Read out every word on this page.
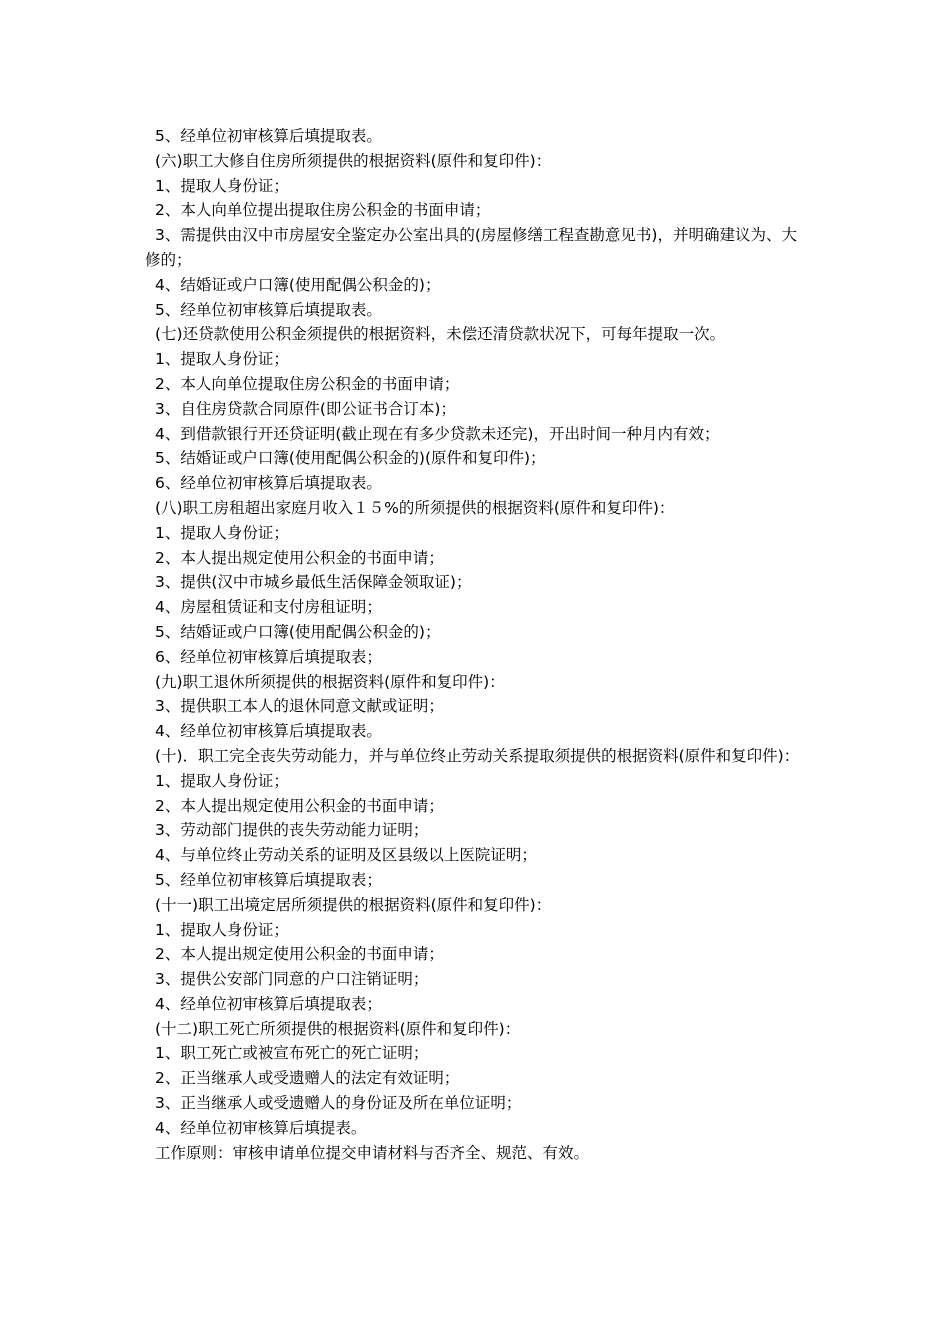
5、经单位初审核算后填提取表。
(六)职工大修自住房所须提供的根据资料(原件和复印件)：
1、提取人身份证；
2、本人向单位提出提取住房公积金的书面申请；
3、需提供由汉中市房屋安全鉴定办公室出具的(房屋修缮工程查勘意见书)，并明确建议为、大修的；
4、结婚证或户口簿(使用配偶公积金的)；
5、经单位初审核算后填提取表。
(七)还贷款使用公积金须提供的根据资料，未偿还清贷款状况下，可每年提取一次。
1、提取人身份证；
2、本人向单位提取住房公积金的书面申请；
3、自住房贷款合同原件(即公证书合订本)；
4、到借款银行开还贷证明(截止现在有多少贷款未还完)，开出时间一种月内有效；
5、结婚证或户口簿(使用配偶公积金的)(原件和复印件)；
6、经单位初审核算后填提取表。
(八)职工房租超出家庭月收入１５%的所须提供的根据资料(原件和复印件)：
1、提取人身份证；
2、本人提出规定使用公积金的书面申请；
3、提供(汉中市城乡最低生活保障金领取证)；
4、房屋租赁证和支付房租证明；
5、结婚证或户口簿(使用配偶公积金的)；
6、经单位初审核算后填提取表；
(九)职工退休所须提供的根据资料(原件和复印件)：
3、提供职工本人的退休同意文献或证明；
4、经单位初审核算后填提取表。
(十)．职工完全丧失劳动能力，并与单位终止劳动关系提取须提供的根据资料(原件和复印件)：
1、提取人身份证；
2、本人提出规定使用公积金的书面申请；
3、劳动部门提供的丧失劳动能力证明；
4、与单位终止劳动关系的证明及区县级以上医院证明；
5、经单位初审核算后填提取表；
(十一)职工出境定居所须提供的根据资料(原件和复印件)：
1、提取人身份证；
2、本人提出规定使用公积金的书面申请；
3、提供公安部门同意的户口注销证明；
4、经单位初审核算后填提取表；
(十二)职工死亡所须提供的根据资料(原件和复印件)：
1、职工死亡或被宣布死亡的死亡证明；
2、正当继承人或受遗赠人的法定有效证明；
3、正当继承人或受遗赠人的身份证及所在单位证明；
4、经单位初审核算后填提表。
工作原则：审核申请单位提交申请材料与否齐全、规范、有效。
